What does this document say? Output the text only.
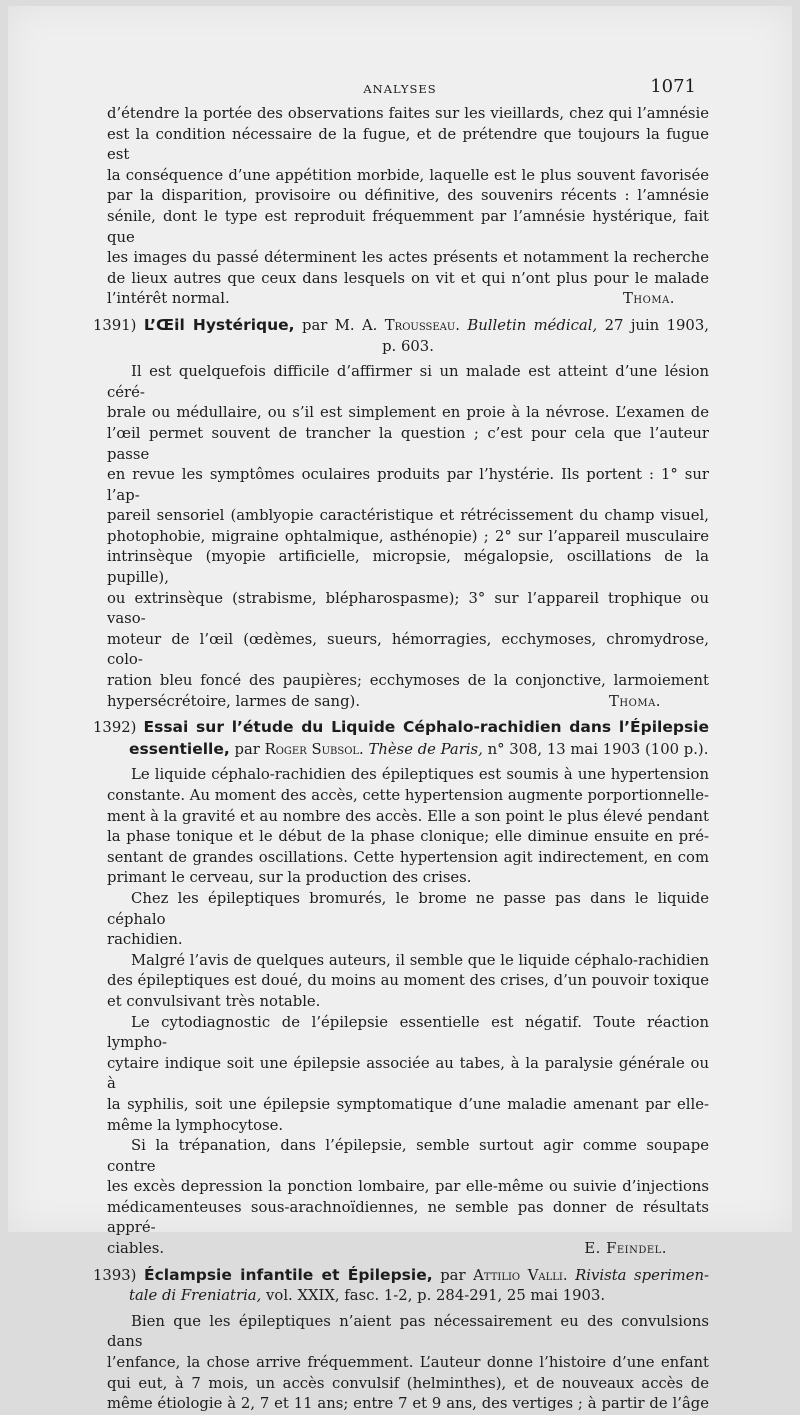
ANALYSES	1071

d’étendre la portée des observations faites sur les vieillards, chez qui l’amnésie

est la condition nécessaire de la fugue, et de prétendre que toujours la fugue est

la conséquence d’une appétition morbide, laquelle est le plus souvent favorisée

par la disparition, provisoire ou définitive, des souvenirs récents : l’amnésie

sénile, dont le type est reproduit fréquemment par l’amnésie hystérique, fait que

les images du passé déterminent les actes présents et notamment la recherche

de lieux autres que ceux dans lesquels on vit et qui n’ont plus pour le malade

l’intérêt normal.	Thoma.

1391) L’Œil Hystérique, par M. A. Trousseau. Bulletin médical, 27 juin 1903,

p. 603.

Il est quelquefois difficile d’affirmer si un malade est atteint d’une lésion céré-

brale ou médullaire, ou s’il est simplement en proie à la névrose. L’examen de

l’œil permet souvent de trancher la question ; c’est pour cela que l’auteur passe

en revue les symptômes oculaires produits par l’hystérie. Ils portent : 1° sur l’ap-

pareil sensoriel (amblyopie caractéristique et rétrécissement du champ visuel,

photophobie, migraine ophtalmique, asthénopie) ; 2° sur l’appareil musculaire

intrinsèque (myopie artificielle, micropsie, mégalopsie, oscillations de la pupille),

ou extrinsèque (strabisme, blépharospasme); 3° sur l’appareil trophique ou vaso-

moteur de l’œil (œdèmes, sueurs, hémorragies, ecchymoses, chromydrose, colo-

ration bleu foncé des paupières; ecchymoses de la conjonctive, larmoiement

hypersécrétoire, larmes de sang).	Thoma.

1392) Essai sur l’étude du Liquide Céphalo-rachidien dans l’Épilepsie

essentielle, par Roger Subsol. Thèse de Paris, n° 308, 13 mai 1903 (100 p.).

Le liquide céphalo-rachidien des épileptiques est soumis à une hypertension

constante. Au moment des accès, cette hypertension augmente porportionnelle-

ment à la gravité et au nombre des accès. Elle a son point le plus élevé pendant

la phase tonique et le début de la phase clonique; elle diminue ensuite en pré-

sentant de grandes oscillations. Cette hypertension agit indirectement, en com

primant le cerveau, sur la production des crises.

Chez les épileptiques bromurés, le brome ne passe pas dans le liquide céphalo

rachidien.

Malgré l’avis de quelques auteurs, il semble que le liquide céphalo-rachidien

des épileptiques est doué, du moins au moment des crises, d’un pouvoir toxique

et convulsivant très notable.

Le cytodiagnostic de l’épilepsie essentielle est négatif. Toute réaction lympho-

cytaire indique soit une épilepsie associée au tabes, à la paralysie générale ou à

la syphilis, soit une épilepsie symptomatique d’une maladie amenant par elle-

même la lymphocytose.

Si la trépanation, dans l’épilepsie, semble surtout agir comme soupape contre

les excès depression la ponction lombaire, par elle-même ou suivie d’injections

médicamenteuses sous-arachnoïdiennes, ne semble pas donner de résultats appré-

ciables.	E. Feindel.

1393) Éclampsie infantile et Épilepsie, par Attilio Valli. Rivista sperimen-

tale di Freniatria, vol. XXIX, fasc. 1-2, p. 284-291, 25 mai 1903.

Bien que les épileptiques n’aient pas nécessairement eu des convulsions dans

l’enfance, la chose arrive fréquemment. L’auteur donne l’histoire d’une enfant

qui eut, à 7 mois, un accès convulsif (helminthes), et de nouveaux accès de

même étiologie à 2, 7 et 11 ans; entre 7 et 9 ans, des vertiges ; à partir de l’âge
